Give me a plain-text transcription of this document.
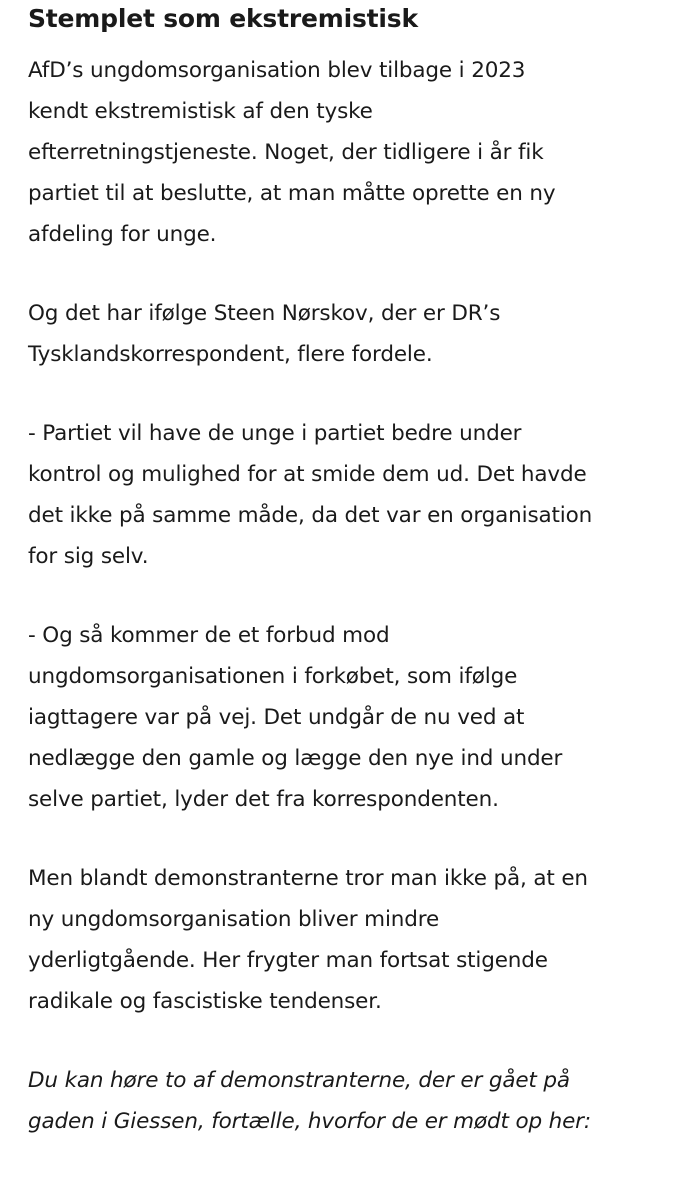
Stemplet som ekstremistisk

AfD’s ungdomsorganisation blev tilbage i 2023
kendt ekstremistisk af den tyske
efterretningstjeneste. Noget, der tidligere i år fik
partiet til at beslutte, at man måtte oprette en ny
afdeling for unge.

Og det har ifølge Steen Nørskov, der er DR’s
Tysklandskorrespondent, flere fordele.

- Partiet vil have de unge i partiet bedre under
kontrol og mulighed for at smide dem ud. Det havde
det ikke på samme måde, da det var en organisation
for sig selv.

- Og så kommer de et forbud mod
ungdomsorganisationen i forkøbet, som ifølge
iagttagere var på vej. Det undgår de nu ved at
nedlægge den gamle og lægge den nye ind under
selve partiet, lyder det fra korrespondenten.

Men blandt demonstranterne tror man ikke på, at en
ny ungdomsorganisation bliver mindre
yderligtgående. Her frygter man fortsat stigende
radikale og fascistiske tendenser.

Du kan høre to af demonstranterne, der er gået på
gaden i Giessen, fortælle, hvorfor de er mødt op her:
